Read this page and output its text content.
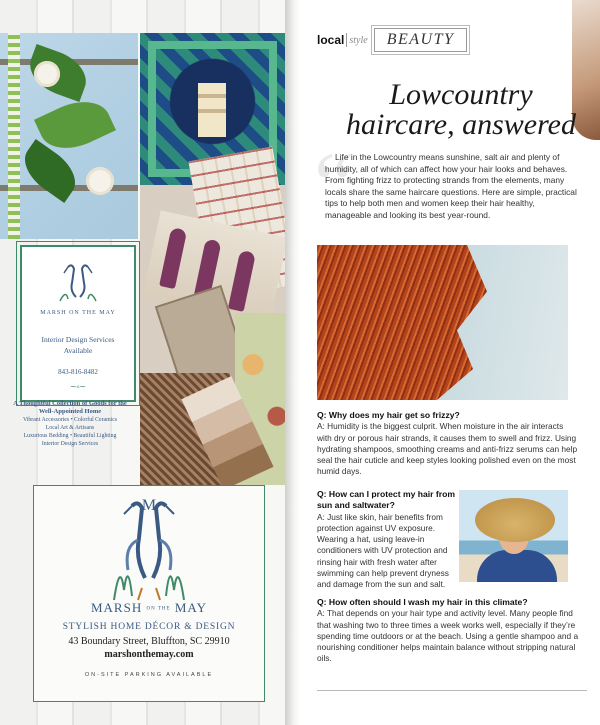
MARSH ON THE MAY
Interior Design Services Available
843-816-8482
~◦~
A Thoughtful Collection of Goods for the Well-Appointed Home
Vibrant Accessories • Colorful Ceramics
Local Art & Artisans
Luxurious Bedding • Beautiful Lighting
Interior Design Services
M
MARSH ON THE MAY
STYLISH HOME DÉCOR & DESIGN
43 Boundary Street, Bluffton, SC 29910
marshonthemay.com
ON-SITE PARKING AVAILABLE
local style	BEAUTY
“
Lowcountry
haircare, answered
Life in the Lowcountry means sunshine, salt air and plenty of humidity, all of which can affect how your hair looks and behaves. From fighting frizz to protecting strands from the elements, many locals share the same haircare questions. Here are simple, practical tips to help both men and women keep their hair healthy, manageable and looking its best year-round.
Q: Why does my hair get so frizzy?
A: Humidity is the biggest culprit. When moisture in the air interacts with dry or porous hair strands, it causes them to swell and frizz. Using hydrating shampoos, smoothing creams and anti-frizz serums can help seal the hair cuticle and keep styles looking polished even on the most humid days.
Q: How can I protect my hair from sun and saltwater?
A: Just like skin, hair benefits from protection against UV exposure. Wearing a hat, using leave-in conditioners with UV protection and rinsing hair with fresh water after swimming can help prevent dryness and damage from the sun and salt.
Q: How often should I wash my hair in this climate?
A: That depends on your hair type and activity level. Many people find that washing two to three times a week works well, especially if they’re spending time outdoors or at the beach. Using a gentle shampoo and a nourishing conditioner helps maintain balance without stripping natural oils.
